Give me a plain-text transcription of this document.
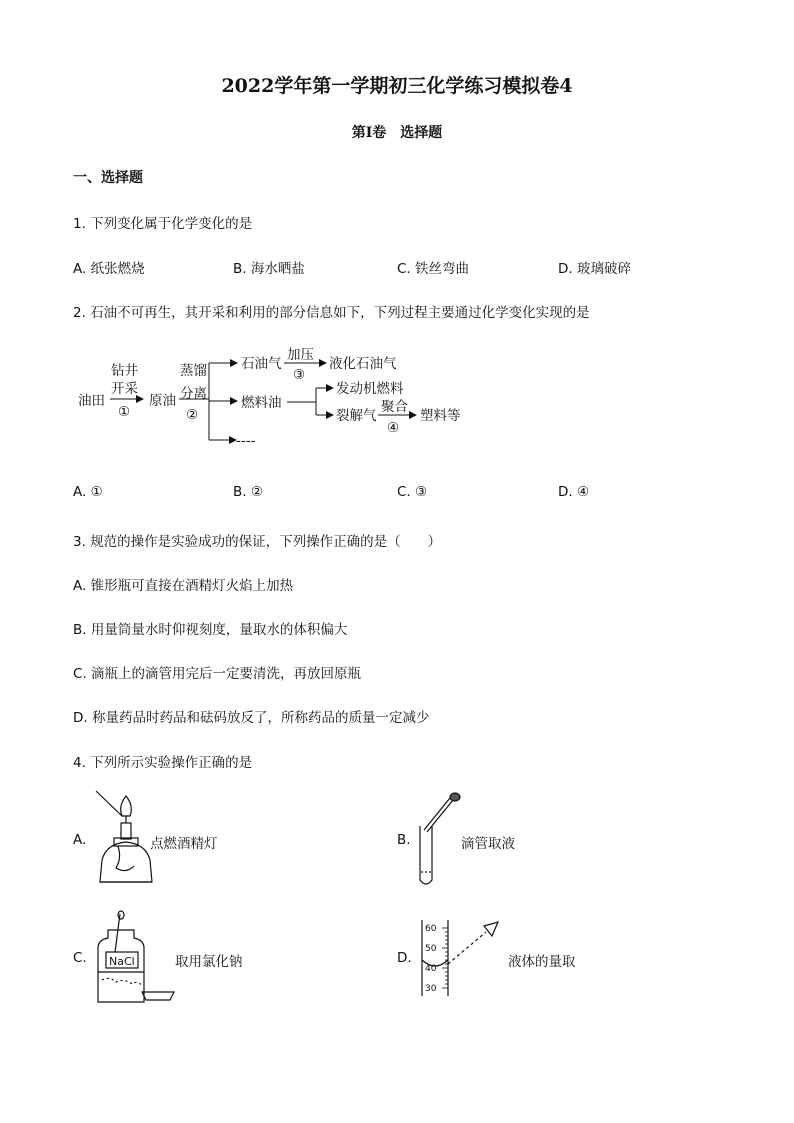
2022学年第一学期初三化学练习模拟卷4
第Ⅰ卷　选择题
一、选择题
1. 下列变化属于化学变化的是
A. 纸张燃烧	B. 海水晒盐	C. 铁丝弯曲	D. 玻璃破碎
2. 石油不可再生，其开采和利用的部分信息如下，下列过程主要通过化学变化实现的是
油田
钻井
开采
①
原油
蒸馏
分离
②
石油气
加压
③
液化石油气
燃料油
发动机燃料
裂解气
聚合
④
塑料等
----
A. ①	B. ②	C. ③	D. ④
3. 规范的操作是实验成功的保证，下列操作正确的是（　　）
A. 锥形瓶可直接在酒精灯火焰上加热
B. 用量筒量水时仰视刻度，量取水的体积偏大
C. 滴瓶上的滴管用完后一定要清洗，再放回原瓶
D. 称量药品时药品和砝码放反了，所称药品的质量一定减少
4. 下列所示实验操作正确的是
A.	点燃酒精灯	B.	滴管取液
C.	取用氯化钠	D.	液体的量取
NaCl
60
50
40
30
